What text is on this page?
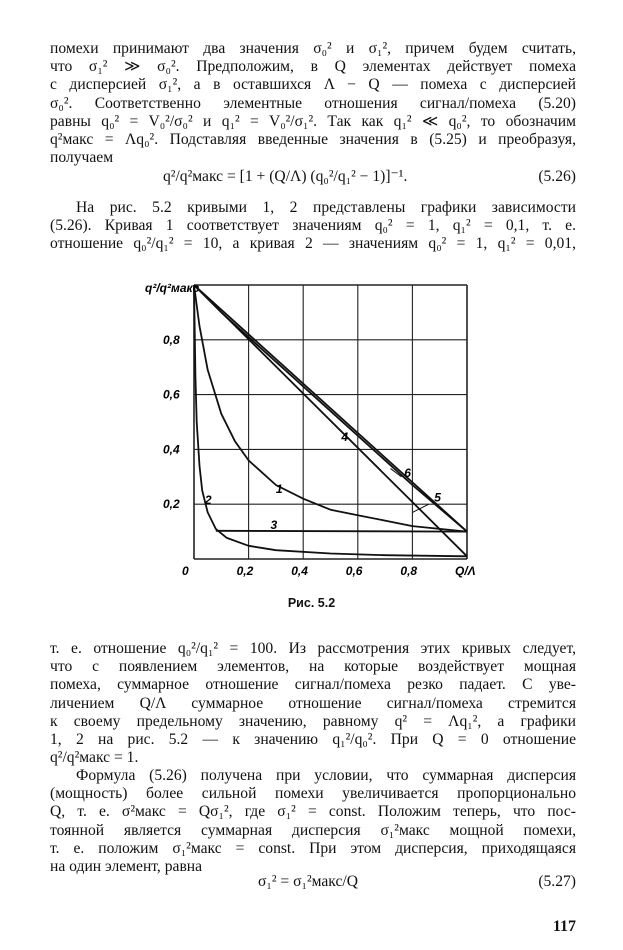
помехи принимают два значения σ₀² и σ₁², причем будем считать,
что σ₁² ≫ σ₀². Предположим, в Q элементах действует помеха
с дисперсией σ₁², а в оставшихся Λ − Q — помеха с дисперсией
σ₀². Соответственно элементные отношения сигнал/помеха (5.20)
равны q₀² = V₀²/σ₀² и q₁² = V₀²/σ₁². Так как q₁² ≪ q₀², то обозначим
q²макс = Λq₀². Подставляя введенные значения в (5.25) и преобразуя,
получаем
q²/q²макс = [1 + (Q/Λ) (q₀²/q₁² − 1)]⁻¹.	(5.26)
На рис. 5.2 кривыми 1, 2 представлены графики зависимости
(5.26). Кривая 1 соответствует значениям q₀² = 1, q₁² = 0,1, т. е.
отношение q₀²/q₁² = 10, а кривая 2 — значениям q₀² = 1, q₁² = 0,01,
0,2	0,4	0,6	0,8	Q/Λ
0,2
0,4
0,6
0,8
1
2
3
4
5
6
q²/q²макс
0
Рис. 5.2
т. е. отношение q₀²/q₁² = 100. Из рассмотрения этих кривых следует,
что с появлением элементов, на которые воздействует мощная
помеха, суммарное отношение сигнал/помеха резко падает. С уве-
личением Q/Λ суммарное отношение сигнал/помеха стремится
к своему предельному значению, равному q² = Λq₁², а графики
1, 2 на рис. 5.2 — к значению q₁²/q₀². При Q = 0 отношение
q²/q²макс = 1.
Формула (5.26) получена при условии, что суммарная дисперсия
(мощность) более сильной помехи увеличивается пропорционально
Q, т. е. σ²макс = Qσ₁², где σ₁² = const. Положим теперь, что пос-
тоянной является суммарная дисперсия σ₁²макс мощной помехи,
т. е. положим σ₁²макс = const. При этом дисперсия, приходящаяся
на один элемент, равна
σ₁² = σ₁²макс/Q	(5.27)
117
